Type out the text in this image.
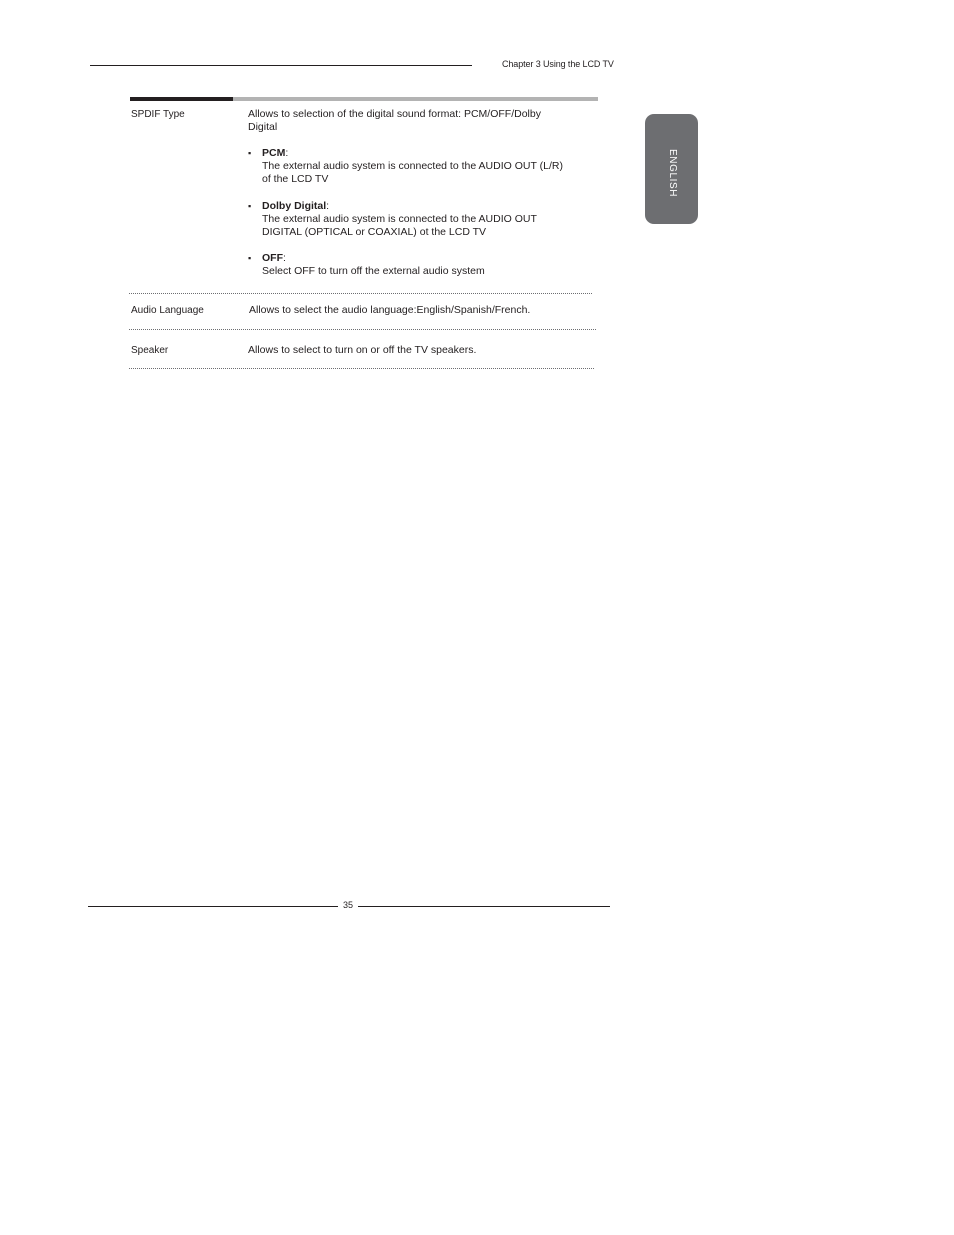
Chapter 3 Using the LCD TV
ENGLISH
SPDIF Type	Allows to selection of the digital sound format: PCM/OFF/Dolby
Digital
▪ PCM:
The external audio system is connected to the AUDIO OUT (L/R)
of the LCD TV
▪ Dolby Digital:
The external audio system is connected to the AUDIO OUT
DIGITAL (OPTICAL or COAXIAL) ot the LCD TV
▪ OFF:
Select OFF to turn off the external audio system
Audio Language	Allows to select the audio language:English/Spanish/French.
Speaker	Allows to select to turn on or off the TV speakers.
35
